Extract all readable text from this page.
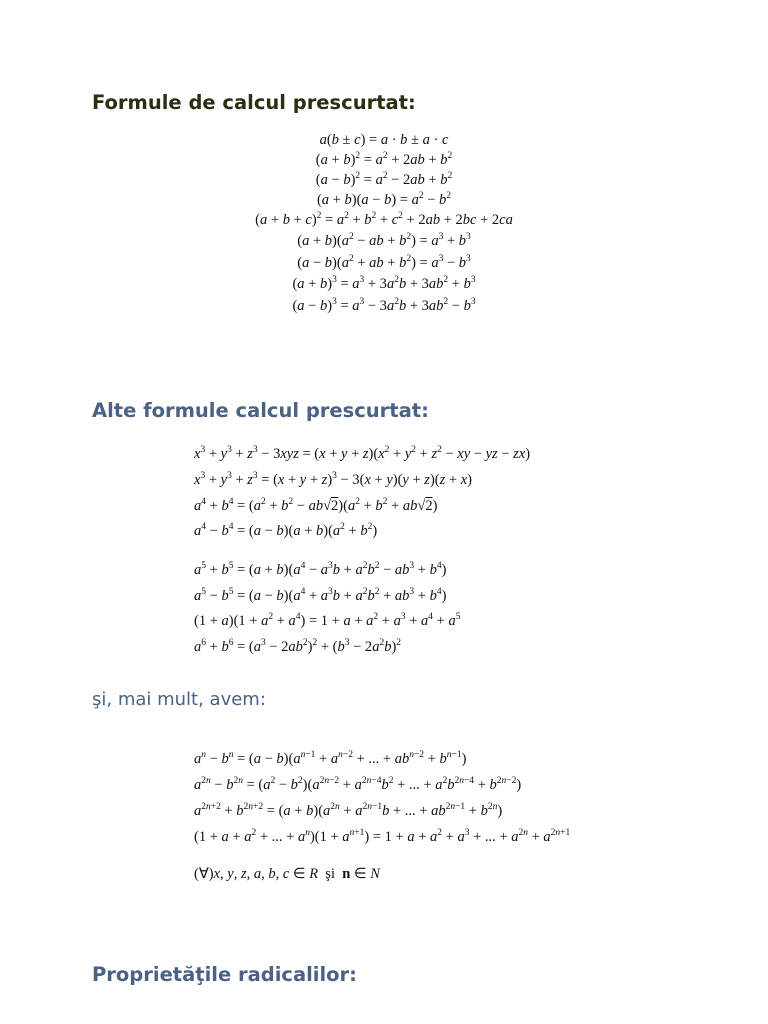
Formule de calcul prescurtat:
a(b ± c) = a · b ± a · c
$(a + b)^2 = a^2 + 2ab + b^2$
$(a - b)^2 = a^2 - 2ab + b^2$
$(a + b)(a - b) = a^2 - b^2$
$(a + b + c)^2 = a^2 + b^2 + c^2 + 2ab + 2bc + 2ca$
$(a + b)(a^2$ − ab + $b^2) = a^3 + b^3$
$(a - b)(a^2$ + ab + $b^2) = a^3 - b^3$
$(a + b)^3 = a^3 + 3a^2b + 3ab^2 + b^3$
$(a - b)^3 = a^3 - 3a^2b + 3ab^2 - b^3$
Alte formule calcul prescurtat:
$x^3 + y^3 + z^3 - 3xyz = (x + y + z)(x^2 + y^2 + z^2$ − xy − yz − zx)
$x^3 + y^3 + z^3 = (x + y + z)^3 - 3(x + y)(y + z)(z + x)$
$a^4 + b^4 = (a^2 + b^2 - ab√2)(a^2 + b^2 + ab√2)$
$a^4 - b^4 = (a - b)(a + b)(a^2 + b^2)$
$a^5 + b^5 = (a + b)(a^4 - a^3b + a^2b^2 - ab^3 + b^4)$
$a^5 - b^5 = (a - b)(a^4 + a^3b + a^2b^2 + ab^3 + b^4)$
$(1 + a)(1 + a^2 + a^4) = 1 + a + a^2 + a^3 + a^4 + a^5$
$a^6 + b^6 = (a^3 - 2ab^2)^2 + (b^3 - 2a^2b)^2$

şi, mai mult, avem:

$a^n - b^n = (a - b)(a^{n-1} + a^{n-2}$ + ... + $ab^{n-2} + b^{n-1}$)
$a^{2n} - b^{2n} = (a^2 - b^2)(a^{2n-2} + a^{2n-4}b^2$ + ... + $a^2b^{2n-4} + b^{2n-2}$)
$a^{2n+2} + b^{2n+2} = (a + b)(a^{2n} + a^{2n-1}b$ + ... + $ab^{2n-1} + b^{2n}$)
($1 + a + a^2$ + ... + $a^n)(1 + a^{n+1}) = 1 + a + a^2 + a^3$ + ... + $a^{2n} + a^{2n+1}$
(∀)x, y, z, a, b, c ∈ R  şi  n ∈ N
Proprietăţile radicalilor:
